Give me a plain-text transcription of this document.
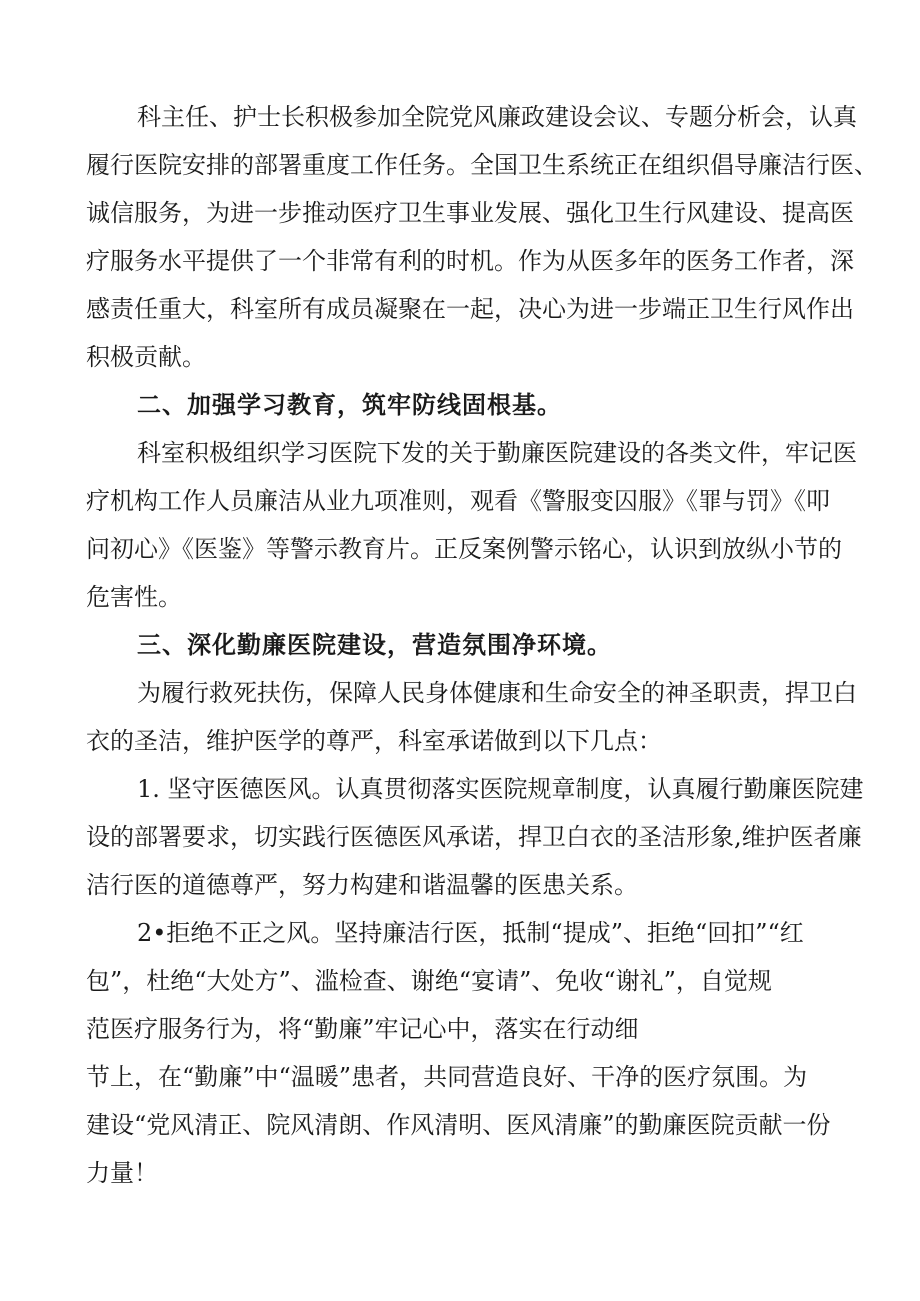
科主任、护士长积极参加全院党风廉政建设会议、专题分析会，认真

履行医院安排的部署重度工作任务。全国卫生系统正在组织倡导廉洁行医、

诚信服务，为进一步推动医疗卫生事业发展、强化卫生行风建设、提高医

疗服务水平提供了一个非常有利的时机。作为从医多年的医务工作者，深

感责任重大，科室所有成员凝聚在一起，决心为进一步端正卫生行风作出

积极贡献。

二、加强学习教育，筑牢防线固根基。

科室积极组织学习医院下发的关于勤廉医院建设的各类文件，牢记医

疗机构工作人员廉洁从业九项准则，观看《警服变囚服》《罪与罚》《叩

问初心》《医鉴》等警示教育片。正反案例警示铭心，认识到放纵小节的

危害性。

三、深化勤廉医院建设，营造氛围净环境。

为履行救死扶伤，保障人民身体健康和生命安全的神圣职责，捍卫白

衣的圣洁，维护医学的尊严，科室承诺做到以下几点：

1. 坚守医德医风。认真贯彻落实医院规章制度，认真履行勤廉医院建

设的部署要求，切实践行医德医风承诺，捍卫白衣的圣洁形象,维护医者廉

洁行医的道德尊严，努力构建和谐温馨的医患关系。

2•拒绝不正之风。坚持廉洁行医，抵制“提成”、拒绝“回扣”“红

包”，杜绝“大处方”、滥检查、谢绝“宴请”、免收“谢礼”，自觉规

范医疗服务行为，将“勤廉”牢记心中，落实在行动细

节上，在“勤廉”中“温暖”患者，共同营造良好、干净的医疗氛围。为

建设“党风清正、院风清朗、作风清明、医风清廉”的勤廉医院贡献一份

力量！
